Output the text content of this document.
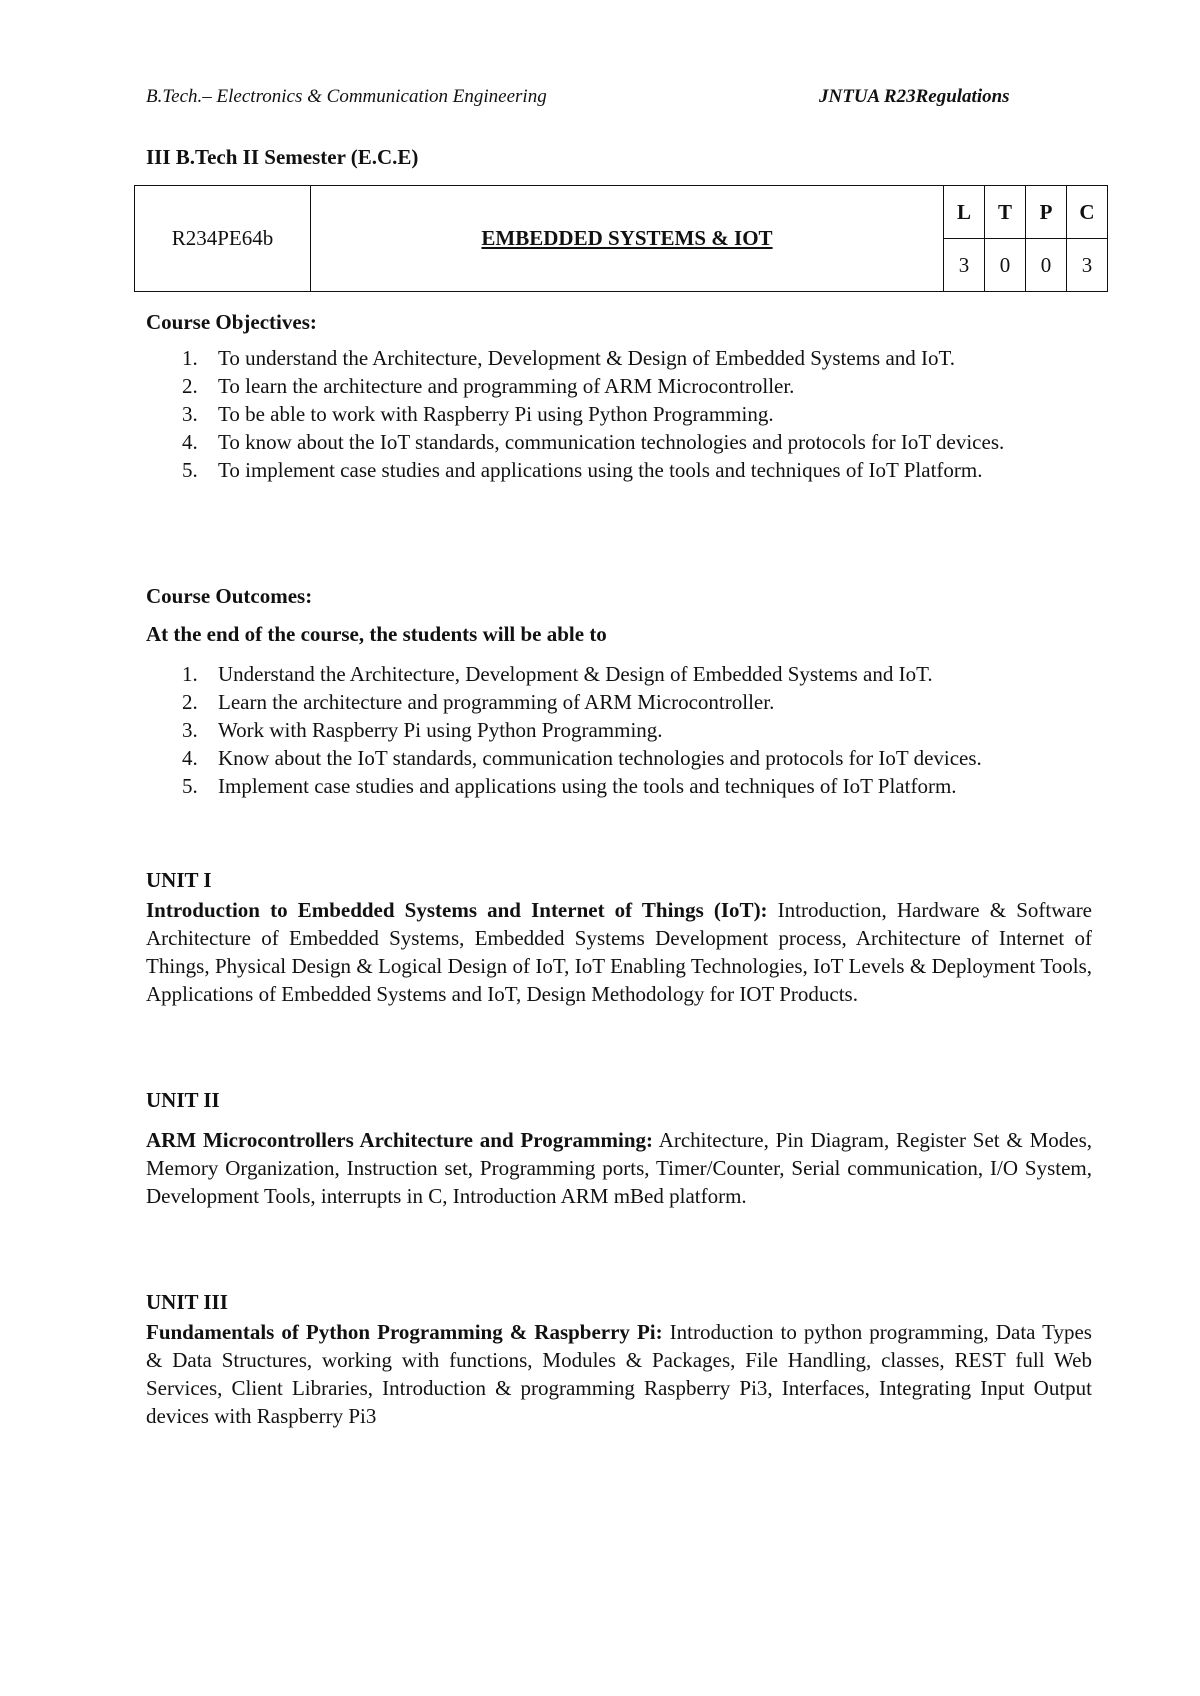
B.Tech.– Electronics & Communication Engineering	JNTUA R23Regulations
III B.Tech II Semester (E.C.E)
R234PE64b	EMBEDDED SYSTEMS & IOT	L	T	P	C
		3	0	0	3
Course Objectives:
1. To understand the Architecture, Development & Design of Embedded Systems and IoT.
2. To learn the architecture and programming of ARM Microcontroller.
3. To be able to work with Raspberry Pi using Python Programming.
4. To know about the IoT standards, communication technologies and protocols for IoT devices.
5. To implement case studies and applications using the tools and techniques of IoT Platform.
Course Outcomes:
At the end of the course, the students will be able to
1. Understand the Architecture, Development & Design of Embedded Systems and IoT.
2. Learn the architecture and programming of ARM Microcontroller.
3. Work with Raspberry Pi using Python Programming.
4. Know about the IoT standards, communication technologies and protocols for IoT devices.
5. Implement case studies and applications using the tools and techniques of IoT Platform.
UNIT I
Introduction to Embedded Systems and Internet of Things (IoT): Introduction, Hardware & Software Architecture of Embedded Systems, Embedded Systems Development process, Architecture of Internet of Things, Physical Design & Logical Design of IoT, IoT Enabling Technologies, IoT Levels & Deployment Tools, Applications of Embedded Systems and IoT, Design Methodology for IOT Products.
UNIT II
ARM Microcontrollers Architecture and Programming: Architecture, Pin Diagram, Register Set & Modes, Memory Organization, Instruction set, Programming ports, Timer/Counter, Serial communication, I/O System, Development Tools, interrupts in C, Introduction ARM mBed platform.
UNIT III
Fundamentals of Python Programming & Raspberry Pi: Introduction to python programming, Data Types & Data Structures, working with functions, Modules & Packages, File Handling, classes, REST full Web Services, Client Libraries, Introduction & programming Raspberry Pi3, Interfaces, Integrating Input Output devices with Raspberry Pi3
